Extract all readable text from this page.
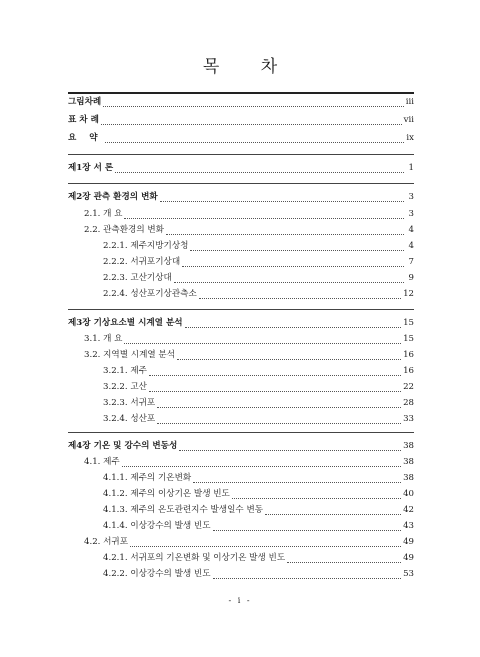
목 차
그림차례	iii
표 차 례	vii
요 약	ix
제1장 서 론	1
제2장 관측 환경의 변화	3
2.1. 개 요	3
2.2. 관측환경의 변화	4
2.2.1. 제주지방기상청	4
2.2.2. 서귀포기상대	7
2.2.3. 고산기상대	9
2.2.4. 성산포기상관측소	12
제3장 기상요소별 시계열 분석	15
3.1. 개 요	15
3.2. 지역별 시계열 분석	16
3.2.1. 제주	16
3.2.2. 고산	22
3.2.3. 서귀포	28
3.2.4. 성산포	33
제4장 기온 및 강수의 변동성	38
4.1. 제주	38
4.1.1. 제주의 기온변화	38
4.1.2. 제주의 이상기온 발생 빈도	40
4.1.3. 제주의 온도관련지수 발생일수 변동	42
4.1.4. 이상강수의 발생 빈도	43
4.2. 서귀포	49
4.2.1. 서귀포의 기온변화 및 이상기온 발생 빈도	49
4.2.2. 이상강수의 발생 빈도	53
- i -
